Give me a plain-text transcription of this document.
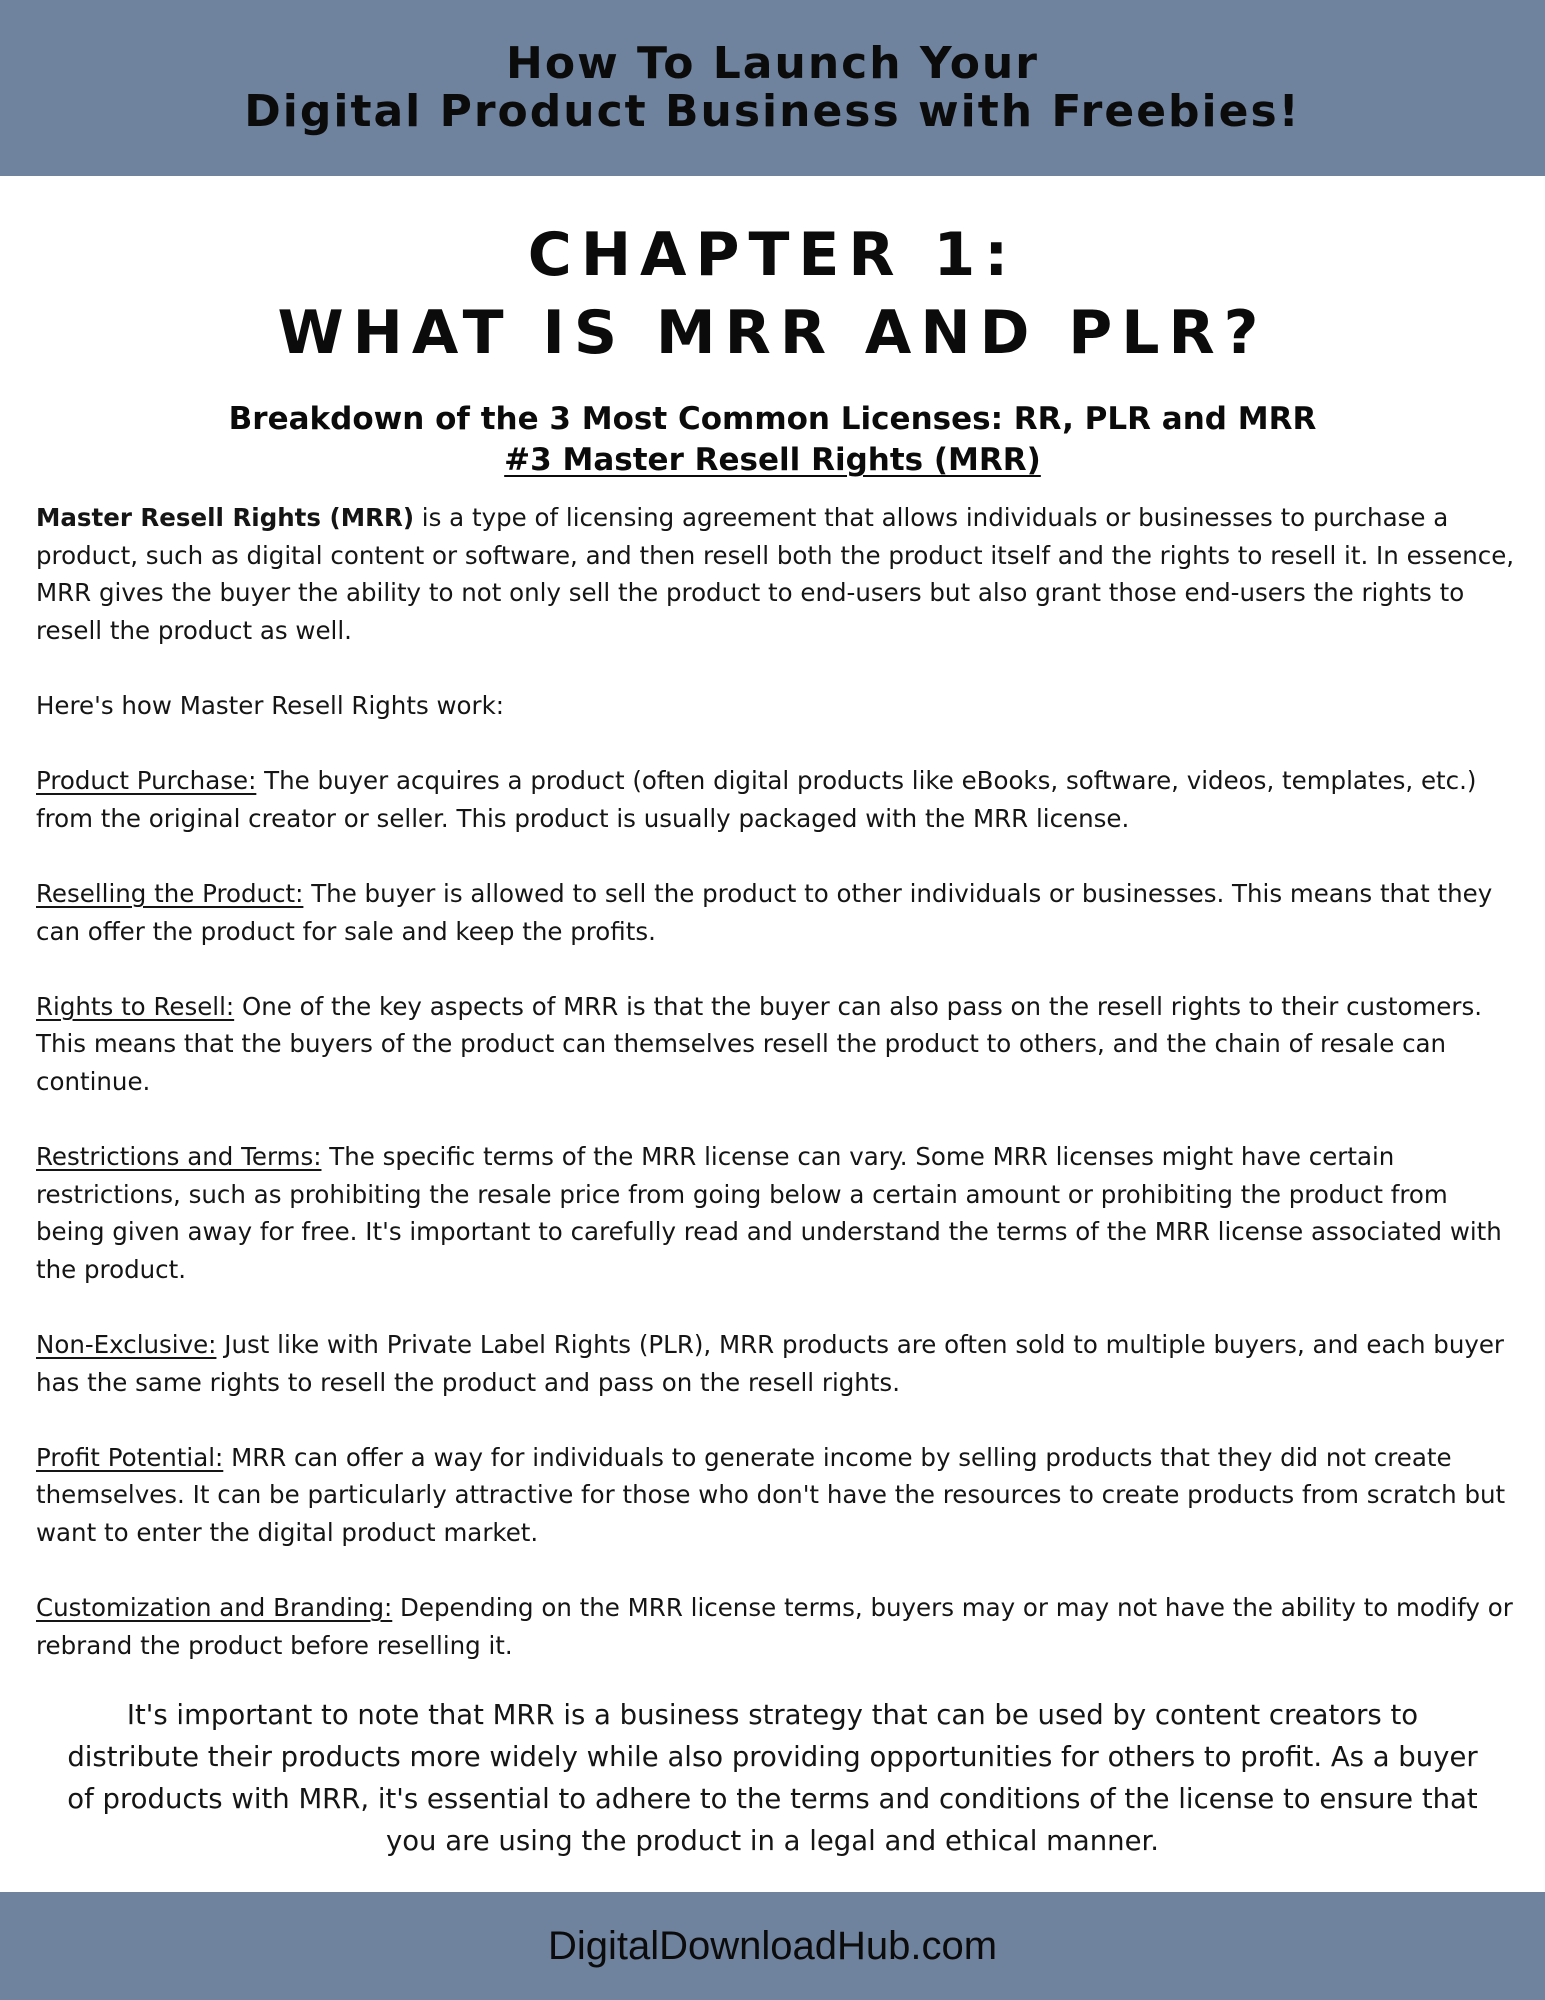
How To Launch Your
Digital Product Business with Freebies!
CHAPTER 1:
WHAT IS MRR AND PLR?
Breakdown of the 3 Most Common Licenses: RR, PLR and MRR
#3 Master Resell Rights (MRR)

Master Resell Rights (MRR) is a type of licensing agreement that allows individuals or businesses to purchase a product, such as digital content or software, and then resell both the product itself and the rights to resell it. In essence, MRR gives the buyer the ability to not only sell the product to end-users but also grant those end-users the rights to resell the product as well.

Here's how Master Resell Rights work:

Product Purchase: The buyer acquires a product (often digital products like eBooks, software, videos, templates, etc.) from the original creator or seller. This product is usually packaged with the MRR license.

Reselling the Product: The buyer is allowed to sell the product to other individuals or businesses. This means that they can offer the product for sale and keep the profits.

Rights to Resell: One of the key aspects of MRR is that the buyer can also pass on the resell rights to their customers. This means that the buyers of the product can themselves resell the product to others, and the chain of resale can continue.

Restrictions and Terms: The specific terms of the MRR license can vary. Some MRR licenses might have certain restrictions, such as prohibiting the resale price from going below a certain amount or prohibiting the product from being given away for free. It's important to carefully read and understand the terms of the MRR license associated with the product.

Non-Exclusive: Just like with Private Label Rights (PLR), MRR products are often sold to multiple buyers, and each buyer has the same rights to resell the product and pass on the resell rights.

Profit Potential: MRR can offer a way for individuals to generate income by selling products that they did not create themselves. It can be particularly attractive for those who don't have the resources to create products from scratch but want to enter the digital product market.

Customization and Branding: Depending on the MRR license terms, buyers may or may not have the ability to modify or rebrand the product before reselling it.

It's important to note that MRR is a business strategy that can be used by content creators to distribute their products more widely while also providing opportunities for others to profit. As a buyer of products with MRR, it's essential to adhere to the terms and conditions of the license to ensure that you are using the product in a legal and ethical manner.
DigitalDownloadHub.com
